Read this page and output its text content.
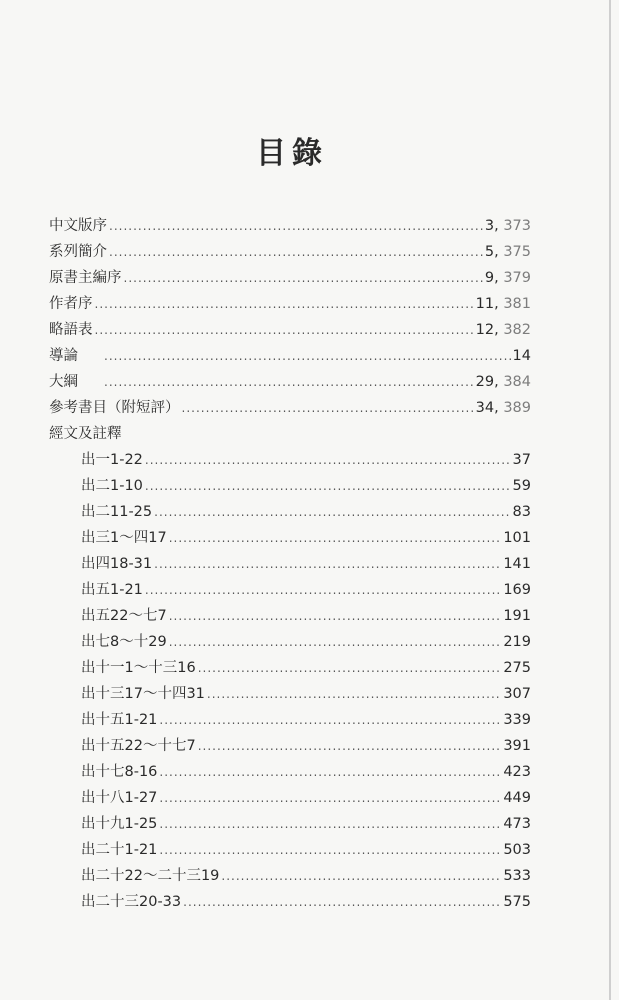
目錄
中文版序 .....	3, 373
系列簡介 .....	5, 375
原書主編序 .....	9, 379
作者序 .....	11, 381
略語表 .....	12, 382
導論 .....	14
大綱 .....	29, 384
參考書目（附短評） .....	34, 389
經文及註釋
出一1-22 .....	37
出二1-10 .....	59
出二11-25 .....	83
出三1～四17 .....	101
出四18-31 .....	141
出五1-21 .....	169
出五22～七7 .....	191
出七8～十29 .....	219
出十一1～十三16 .....	275
出十三17～十四31 .....	307
出十五1-21 .....	339
出十五22～十七7 .....	391
出十七8-16 .....	423
出十八1-27 .....	449
出十九1-25 .....	473
出二十1-21 .....	503
出二十22～二十三19 .....	533
出二十三20-33 .....	575
